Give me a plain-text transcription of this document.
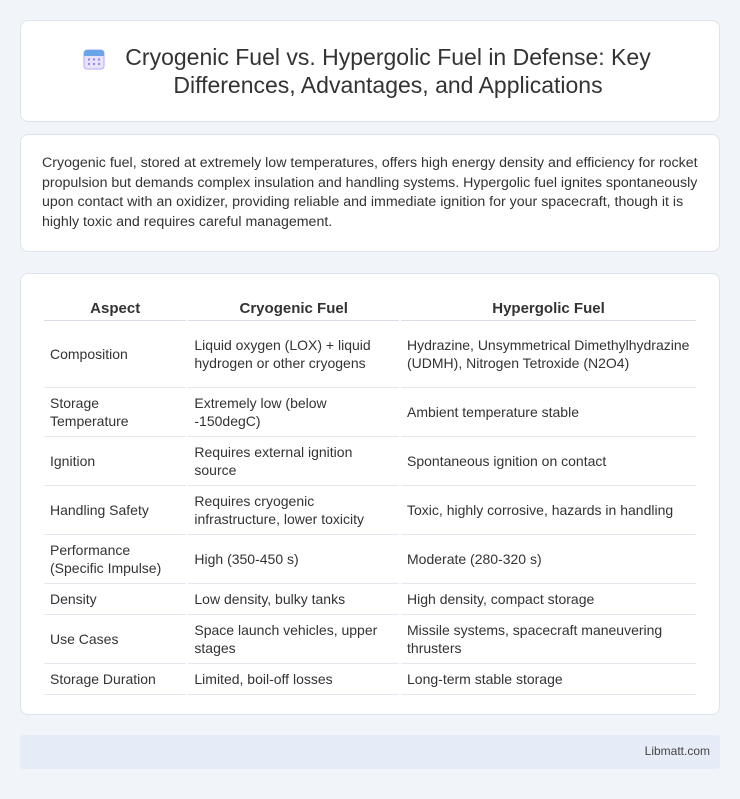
Cryogenic Fuel vs. Hypergolic Fuel in Defense: Key Differences, Advantages, and Applications

Cryogenic fuel, stored at extremely low temperatures, offers high energy density and efficiency for rocket propulsion but demands complex insulation and handling systems. Hypergolic fuel ignites spontaneously upon contact with an oxidizer, providing reliable and immediate ignition for your spacecraft, though it is highly toxic and requires careful management.

Aspect	Cryogenic Fuel	Hypergolic Fuel
Composition	Liquid oxygen (LOX) + liquid hydrogen or other cryogens	Hydrazine, Unsymmetrical Dimethylhydrazine (UDMH), Nitrogen Tetroxide (N2O4)
Storage Temperature	Extremely low (below -150degC)	Ambient temperature stable
Ignition	Requires external ignition source	Spontaneous ignition on contact
Handling Safety	Requires cryogenic infrastructure, lower toxicity	Toxic, highly corrosive, hazards in handling
Performance (Specific Impulse)	High (350-450 s)	Moderate (280-320 s)
Density	Low density, bulky tanks	High density, compact storage
Use Cases	Space launch vehicles, upper stages	Missile systems, spacecraft maneuvering thrusters
Storage Duration	Limited, boil-off losses	Long-term stable storage
Libmatt.com
